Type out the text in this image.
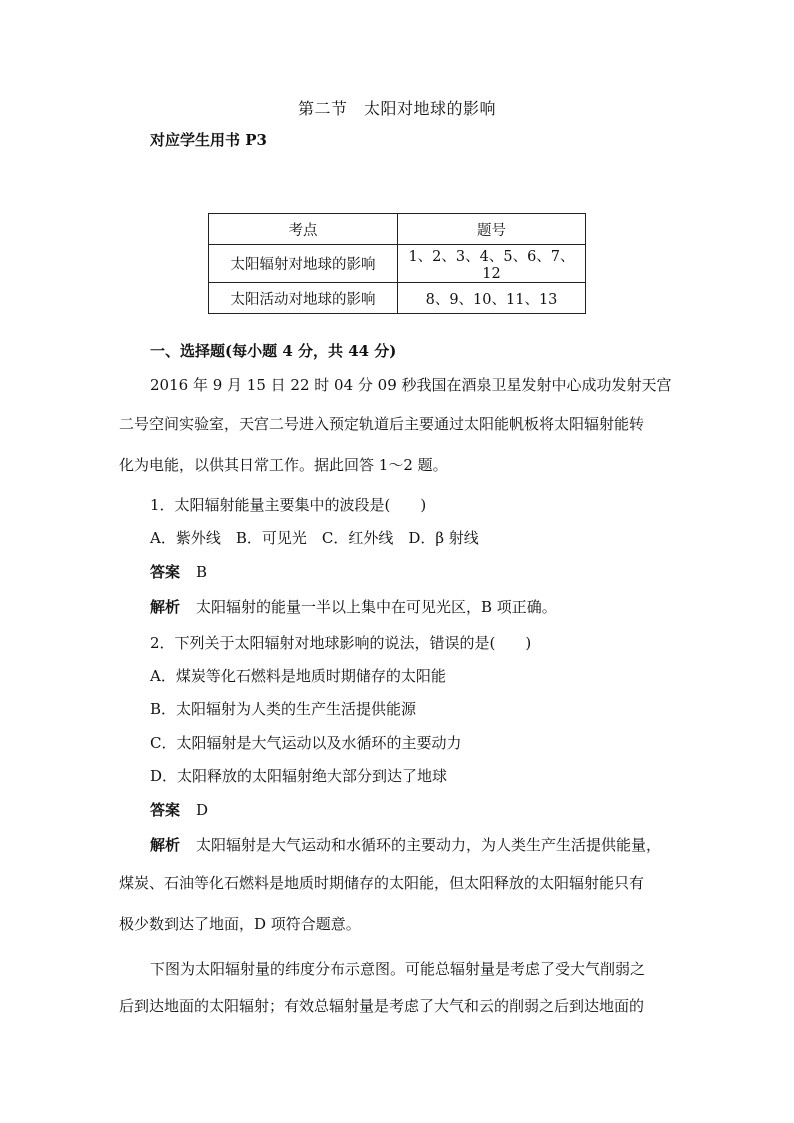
第二节　太阳对地球的影响
对应学生用书 P3
考点	题号
太阳辐射对地球的影响	1、2、3、4、5、6、7、12
太阳活动对地球的影响	8、9、10、11、13
一、选择题(每小题 4 分，共 44 分)
2016 年 9 月 15 日 22 时 04 分 09 秒我国在酒泉卫星发射中心成功发射天宫
二号空间实验室，天宫二号进入预定轨道后主要通过太阳能帆板将太阳辐射能转
化为电能，以供其日常工作。据此回答 1～2 题。
1．太阳辐射能量主要集中的波段是(　　)
A．紫外线　B．可见光　C．红外线　D．β 射线
答案 B
解析 太阳辐射的能量一半以上集中在可见光区，B 项正确。
2．下列关于太阳辐射对地球影响的说法，错误的是(　　)
A．煤炭等化石燃料是地质时期储存的太阳能
B．太阳辐射为人类的生产生活提供能源
C．太阳辐射是大气运动以及水循环的主要动力
D．太阳释放的太阳辐射绝大部分到达了地球
答案 D
解析 太阳辐射是大气运动和水循环的主要动力，为人类生产生活提供能量，
煤炭、石油等化石燃料是地质时期储存的太阳能，但太阳释放的太阳辐射能只有
极少数到达了地面，D 项符合题意。
下图为太阳辐射量的纬度分布示意图。可能总辐射量是考虑了受大气削弱之
后到达地面的太阳辐射；有效总辐射量是考虑了大气和云的削弱之后到达地面的
